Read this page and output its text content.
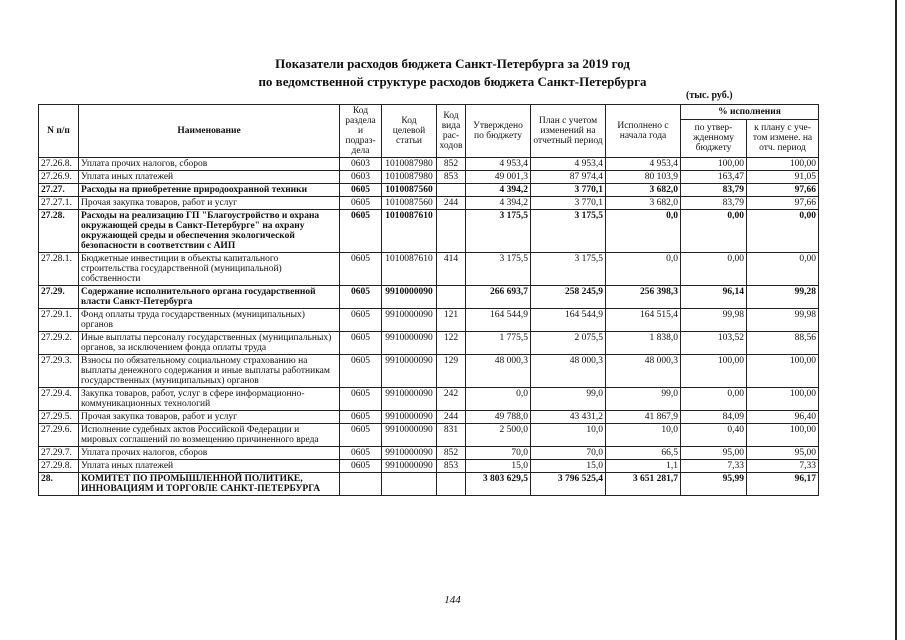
Показатели расходов бюджета Санкт-Петербурга за 2019 год
по ведомственной структуре расходов бюджета Санкт-Петербурга
(тыс. руб.)
N п/п	Наименование	Код раздела и подраз-дела	Код целевой статьи	Код вида рас-ходов	Утверждено по бюджету	План с учетом изменений на отчетный период	Исполнено с начала года	% исполнения	
								по утвер-жденному бюджету	к плану с уче-том измене. на отч. период
27.26.8.	Уплата прочих налогов, сборов	0603	1010087980	852	4 953,4	4 953,4	4 953,4	100,00	100,00
27.26.9.	Уплата иных платежей	0603	1010087980	853	49 001,3	87 974,4	80 103,9	163,47	91,05
27.27.	Расходы на приобретение природоохранной техники	0605	1010087560		4 394,2	3 770,1	3 682,0	83,79	97,66
27.27.1.	Прочая закупка товаров, работ и услуг	0605	1010087560	244	4 394,2	3 770,1	3 682,0	83,79	97,66
27.28.	Расходы на реализацию ГП "Благоустройство и охрана окружающей среды в Санкт-Петербурге" на охрану окружающей среды и обеспечения экологической безопасности в соответствии с АИП	0605	1010087610		3 175,5	3 175,5	0,0	0,00	0,00
27.28.1.	Бюджетные инвестиции в объекты капитального строительства государственной (муниципальной) собственности	0605	1010087610	414	3 175,5	3 175,5	0,0	0,00	0,00
27.29.	Содержание исполнительного органа государственной власти Санкт-Петербурга	0605	9910000090		266 693,7	258 245,9	256 398,3	96,14	99,28
27.29.1.	Фонд оплаты труда государственных (муниципальных) органов	0605	9910000090	121	164 544,9	164 544,9	164 515,4	99,98	99,98
27.29.2.	Иные выплаты персоналу государственных (муниципальных) органов, за исключением фонда оплаты труда	0605	9910000090	122	1 775,5	2 075,5	1 838,0	103,52	88,56
27.29.3.	Взносы по обязательному социальному страхованию на выплаты денежного содержания и иные выплаты работникам государственных (муниципальных) органов	0605	9910000090	129	48 000,3	48 000,3	48 000,3	100,00	100,00
27.29.4.	Закупка товаров, работ, услуг в сфере информационно-коммуникационных технологий	0605	9910000090	242	0,0	99,0	99,0	0,00	100,00
27.29.5.	Прочая закупка товаров, работ и услуг	0605	9910000090	244	49 788,0	43 431,2	41 867,9	84,09	96,40
27.29.6.	Исполнение судебных актов Российской Федерации и мировых соглашений по возмещению причиненного вреда	0605	9910000090	831	2 500,0	10,0	10,0	0,40	100,00
27.29.7.	Уплата прочих налогов, сборов	0605	9910000090	852	70,0	70,0	66,5	95,00	95,00
27.29.8.	Уплата иных платежей	0605	9910000090	853	15,0	15,0	1,1	7,33	7,33
28.	КОМИТЕТ ПО ПРОМЫШЛЕННОЙ ПОЛИТИКЕ, ИННОВАЦИЯМ И ТОРГОВЛЕ САНКТ-ПЕТЕРБУРГА				3 803 629,5	3 796 525,4	3 651 281,7	95,99	96,17
144
